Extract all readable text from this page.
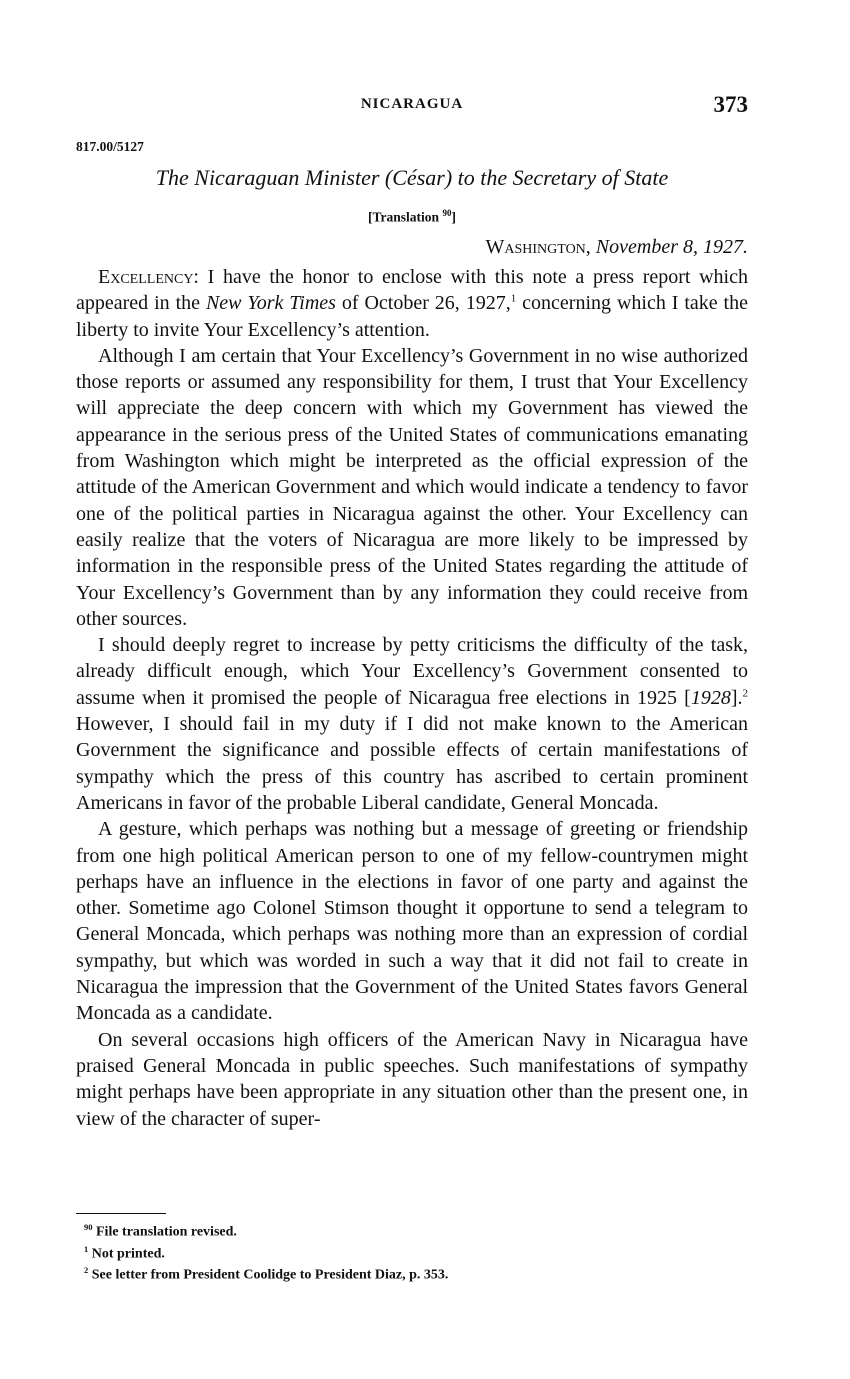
NICARAGUA	373
817.00/5127
The Nicaraguan Minister (César) to the Secretary of State
[Translation $^{90}$]
Washington, November 8, 1927.

Excellency: I have the honor to enclose with this note a press report which appeared in the New York Times of October 26, 1927,$^1$ concerning which I take the liberty to invite Your Excellency’s attention.

Although I am certain that Your Excellency’s Government in no wise authorized those reports or assumed any responsibility for them, I trust that Your Excellency will appreciate the deep concern with which my Government has viewed the appearance in the serious press of the United States of communications emanating from Washington which might be interpreted as the official expression of the attitude of the American Government and which would indicate a tendency to favor one of the political parties in Nicaragua against the other. Your Excellency can easily realize that the voters of Nicaragua are more likely to be impressed by information in the responsible press of the United States regarding the attitude of Your Excellency’s Government than by any information they could receive from other sources.

I should deeply regret to increase by petty criticisms the difficulty of the task, already difficult enough, which Your Excellency’s Government consented to assume when it promised the people of Nicaragua free elections in 1925 [1928].$^2$ However, I should fail in my duty if I did not make known to the American Government the significance and possible effects of certain manifestations of sympathy which the press of this country has ascribed to certain prominent Americans in favor of the probable Liberal candidate, General Moncada.

A gesture, which perhaps was nothing but a message of greeting or friendship from one high political American person to one of my fellow-countrymen might perhaps have an influence in the elections in favor of one party and against the other. Sometime ago Colonel Stimson thought it opportune to send a telegram to General Moncada, which perhaps was nothing more than an expression of cordial sympathy, but which was worded in such a way that it did not fail to create in Nicaragua the impression that the Government of the United States favors General Moncada as a candidate.

On several occasions high officers of the American Navy in Nicaragua have praised General Moncada in public speeches. Such manifestations of sympathy might perhaps have been appropriate in any situation other than the present one, in view of the character of super-

$^{90}$ File translation revised.
$^1$ Not printed.
$^2$ See letter from President Coolidge to President Diaz, p. 353.
